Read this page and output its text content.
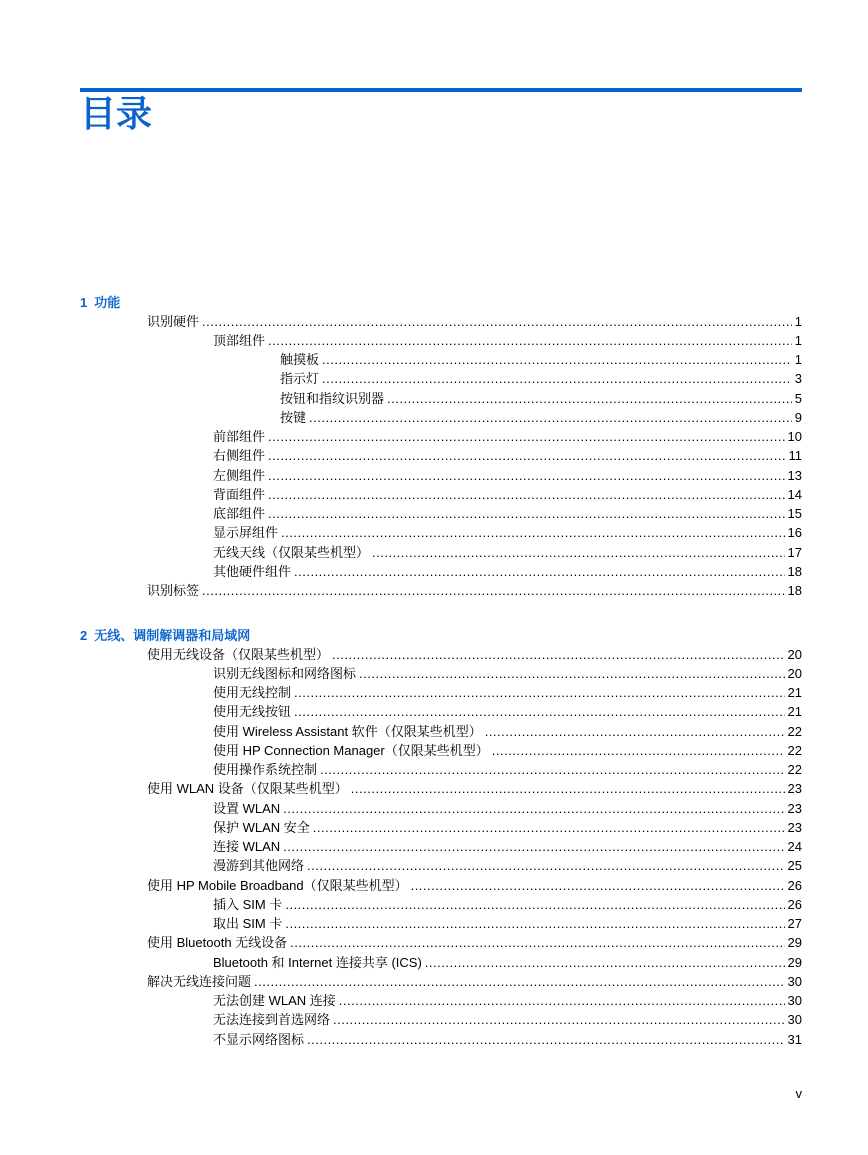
目录
1 功能
识别硬件 .....	1
顶部组件 .....	1
触摸板 .....	1
指示灯 .....	3
按钮和指纹识别器 .....	5
按键 .....	9
前部组件 .....	10
右侧组件 .....	11
左侧组件 .....	13
背面组件 .....	14
底部组件 .....	15
显示屏组件 .....	16
无线天线（仅限某些机型） .....	17
其他硬件组件 .....	18
识别标签 .....	18
2 无线、调制解调器和局域网
使用无线设备（仅限某些机型） .....	20
识别无线图标和网络图标 .....	20
使用无线控制 .....	21
使用无线按钮 .....	21
使用 Wireless Assistant 软件（仅限某些机型） .....	22
使用 HP Connection Manager（仅限某些机型） .....	22
使用操作系统控制 .....	22
使用 WLAN 设备（仅限某些机型） .....	23
设置 WLAN .....	23
保护 WLAN 安全 .....	23
连接 WLAN .....	24
漫游到其他网络 .....	25
使用 HP Mobile Broadband（仅限某些机型） .....	26
插入 SIM 卡 .....	26
取出 SIM 卡 .....	27
使用 Bluetooth 无线设备 .....	29
Bluetooth 和 Internet 连接共享 (ICS) .....	29
解决无线连接问题 .....	30
无法创建 WLAN 连接 .....	30
无法连接到首选网络 .....	30
不显示网络图标 .....	31
v
